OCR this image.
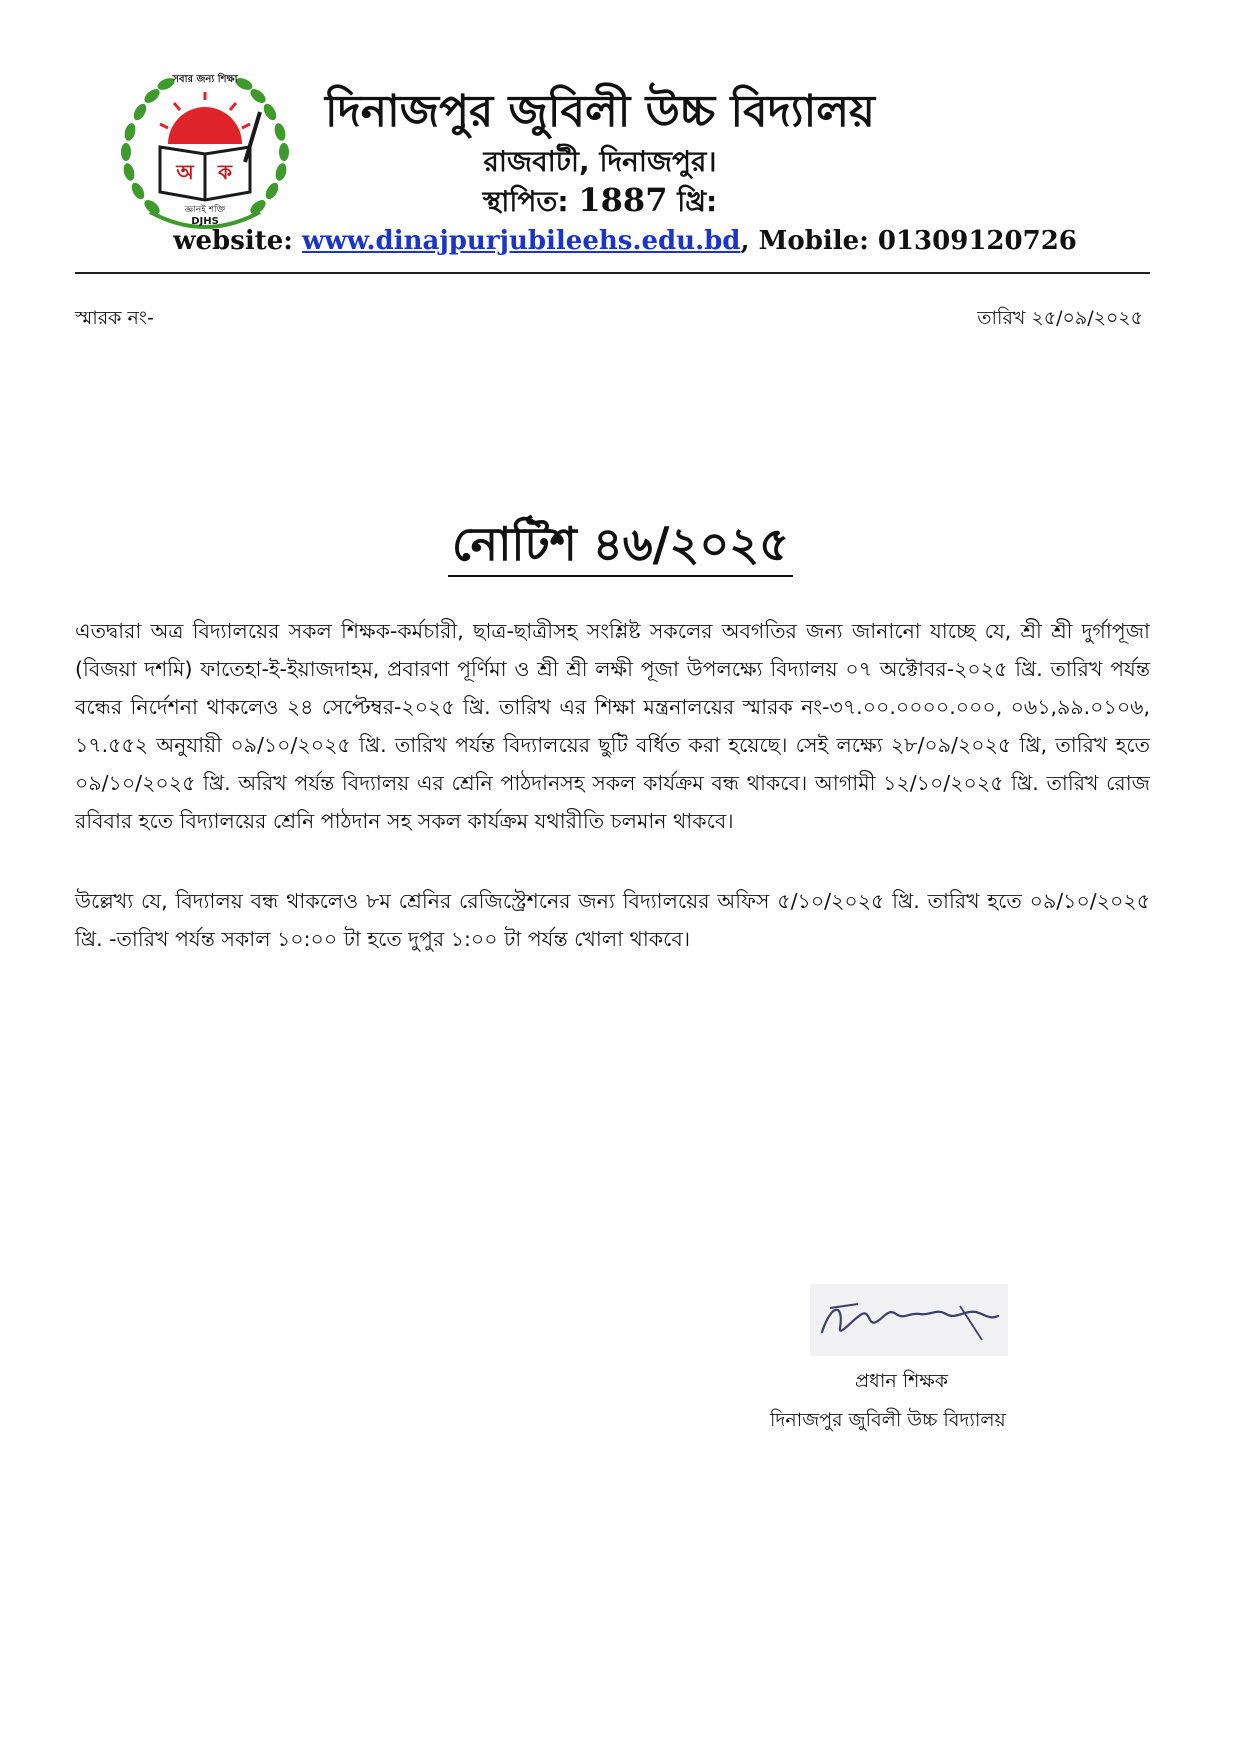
সবার জন্য শিক্ষা
অ	ক
জ্ঞানই শক্তি
DJHS
দিনাজপুর জুবিলী উচ্চ বিদ্যালয়
রাজবাটী, দিনাজপুর।
স্থাপিত: 1887 খ্রি:
website: www.dinajpurjubileehs.edu.bd, Mobile: 01309120726
স্মারক নং-	তারিখ ২৫/০৯/২০২৫
নোটিশ ৪৬/২০২৫
এতদ্বারা অত্র বিদ্যালয়ের সকল শিক্ষক-কর্মচারী, ছাত্র-ছাত্রীসহ সংশ্লিষ্ট সকলের অবগতির জন্য জানানো যাচ্ছে যে, শ্রী শ্রী দুর্গাপূজা (বিজয়া দশমি) ফাতেহা-ই-ইয়াজদাহম, প্রবারণা পূর্ণিমা ও শ্রী শ্রী লক্ষী পূজা উপলক্ষ্যে বিদ্যালয় ০৭ অক্টোবর-২০২৫ খ্রি. তারিখ পর্যন্ত বন্ধের নির্দেশনা থাকলেও ২৪ সেপ্টেম্বর-২০২৫ খ্রি. তারিখ এর শিক্ষা মন্ত্রনালয়ের স্মারক নং-৩৭.০০.০০০০.০০০, ০৬১,৯৯.০১০৬, ১৭.৫৫২ অনুযায়ী ০৯/১০/২০২৫ খ্রি. তারিখ পর্যন্ত বিদ্যালয়ের ছুটি বর্ধিত করা হয়েছে। সেই লক্ষ্যে ২৮/০৯/২০২৫ খ্রি, তারিখ হতে ০৯/১০/২০২৫ খ্রি. অরিখ পর্যন্ত বিদ্যালয় এর শ্রেনি পাঠদানসহ সকল কার্যক্রম বন্ধ থাকবে। আগামী ১২/১০/২০২৫ খ্রি. তারিখ রোজ রবিবার হতে বিদ্যালয়ের শ্রেনি পাঠদান সহ সকল কার্যক্রম যথারীতি চলমান থাকবে।
উল্লেখ্য যে, বিদ্যালয় বন্ধ থাকলেও ৮ম শ্রেনির রেজিস্ট্রেশনের জন্য বিদ্যালয়ের অফিস ৫/১০/২০২৫ খ্রি. তারিখ হতে ০৯/১০/২০২৫ খ্রি. -তারিখ পর্যন্ত সকাল ১০:০০ টা হতে দুপুর ১:০০ টা পর্যন্ত খোলা থাকবে।
প্রধান শিক্ষক
দিনাজপুর জুবিলী উচ্চ বিদ্যালয়
